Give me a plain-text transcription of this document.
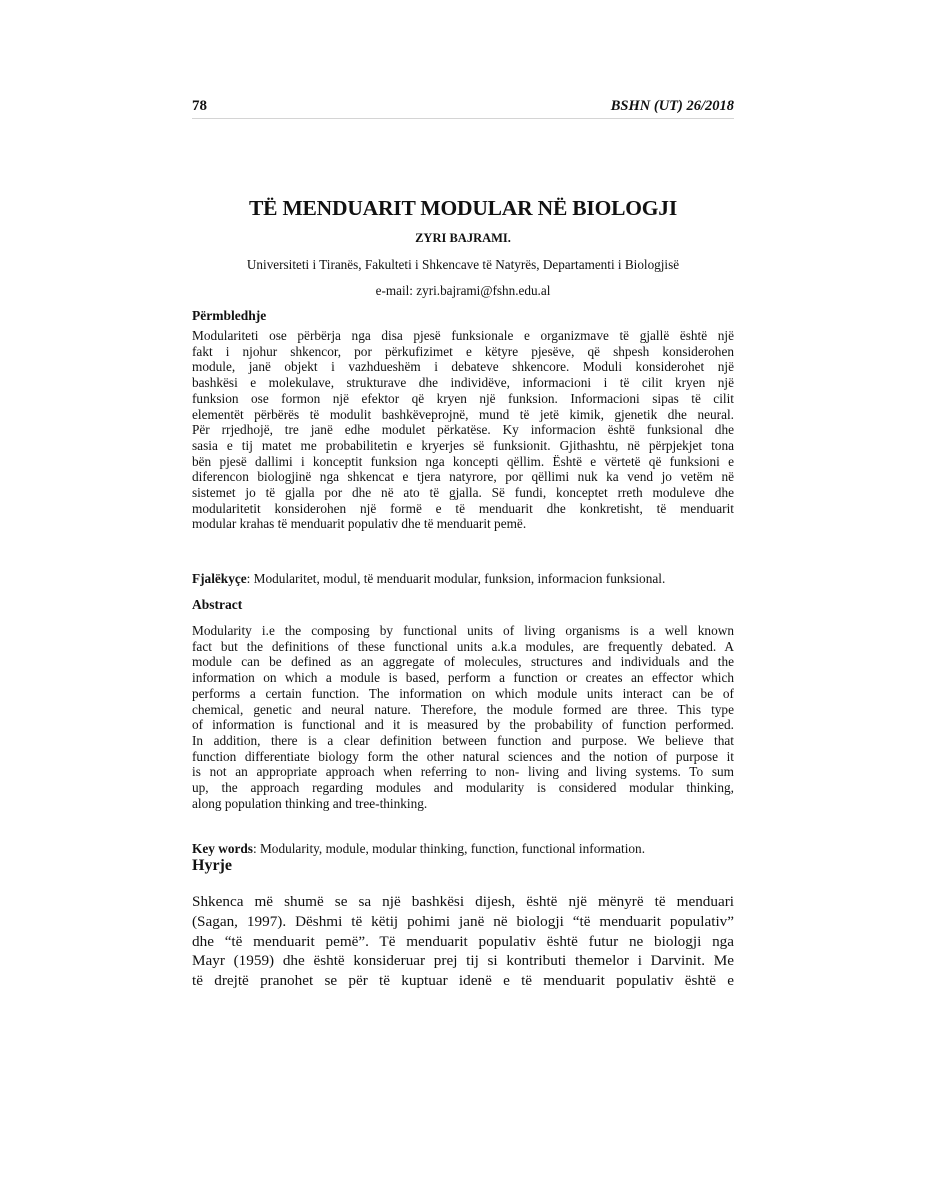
78	BSHN (UT) 26/2018
TË MENDUARIT MODULAR NË BIOLOGJI
ZYRI BAJRAMI.
Universiteti i Tiranës, Fakulteti i Shkencave të Natyrës, Departamenti i Biologjisë
e-mail: zyri.bajrami@fshn.edu.al
Përmbledhje
Modulariteti ose përbërja nga disa pjesë funksionale e organizmave të gjallë është një
fakt i njohur shkencor, por përkufizimet e këtyre pjesëve, që shpesh konsiderohen
module, janë objekt i vazhdueshëm i debateve shkencore. Moduli konsiderohet një
bashkësi e molekulave, strukturave dhe individëve, informacioni i të cilit kryen një
funksion ose formon një efektor që kryen një funksion. Informacioni sipas të cilit
elementët përbërës të modulit bashkëveprojnë, mund të jetë kimik, gjenetik dhe neural.
Për rrjedhojë, tre janë edhe modulet përkatëse. Ky informacion është funksional dhe
sasia e tij matet me probabilitetin e kryerjes së funksionit. Gjithashtu, në përpjekjet tona
bën pjesë dallimi i konceptit funksion nga koncepti qëllim. Është e vërtetë që funksioni e
diferencon biologjinë nga shkencat e tjera natyrore, por qëllimi nuk ka vend jo vetëm në
sistemet jo të gjalla por dhe në ato të gjalla. Së fundi, konceptet rreth moduleve dhe
modularitetit konsiderohen një formë e të menduarit dhe konkretisht, të menduarit
modular krahas të menduarit populativ dhe të menduarit pemë.
Fjalëkyçe: Modularitet, modul, të menduarit modular, funksion, informacion funksional.
Abstract
Modularity i.e the composing by functional units of living organisms is a well known
fact but the definitions of these functional units a.k.a modules, are frequently debated. A
module can be defined as an aggregate of molecules, structures and individuals and the
information on which a module is based, perform a function or creates an effector which
performs a certain function. The information on which module units interact can be of
chemical, genetic and neural nature. Therefore, the module formed are three. This type
of information is functional and it is measured by the probability of function performed.
In addition, there is a clear definition between function and purpose. We believe that
function differentiate biology form the other natural sciences and the notion of purpose it
is not an appropriate approach when referring to non- living and living systems. To sum
up, the approach regarding modules and modularity is considered modular thinking,
along population thinking and tree-thinking.
Key words: Modularity, module, modular thinking, function, functional information.
Hyrje
Shkenca më shumë se sa një bashkësi dijesh, është një mënyrë të menduari
(Sagan, 1997). Dëshmi të këtij pohimi janë në biologji “të menduarit populativ”
dhe “të menduarit pemë”. Të menduarit populativ është futur ne biologji nga
Mayr (1959) dhe është konsideruar prej tij si kontributi themelor i Darvinit. Me
të drejtë pranohet se për të kuptuar idenë e të menduarit populativ është e
